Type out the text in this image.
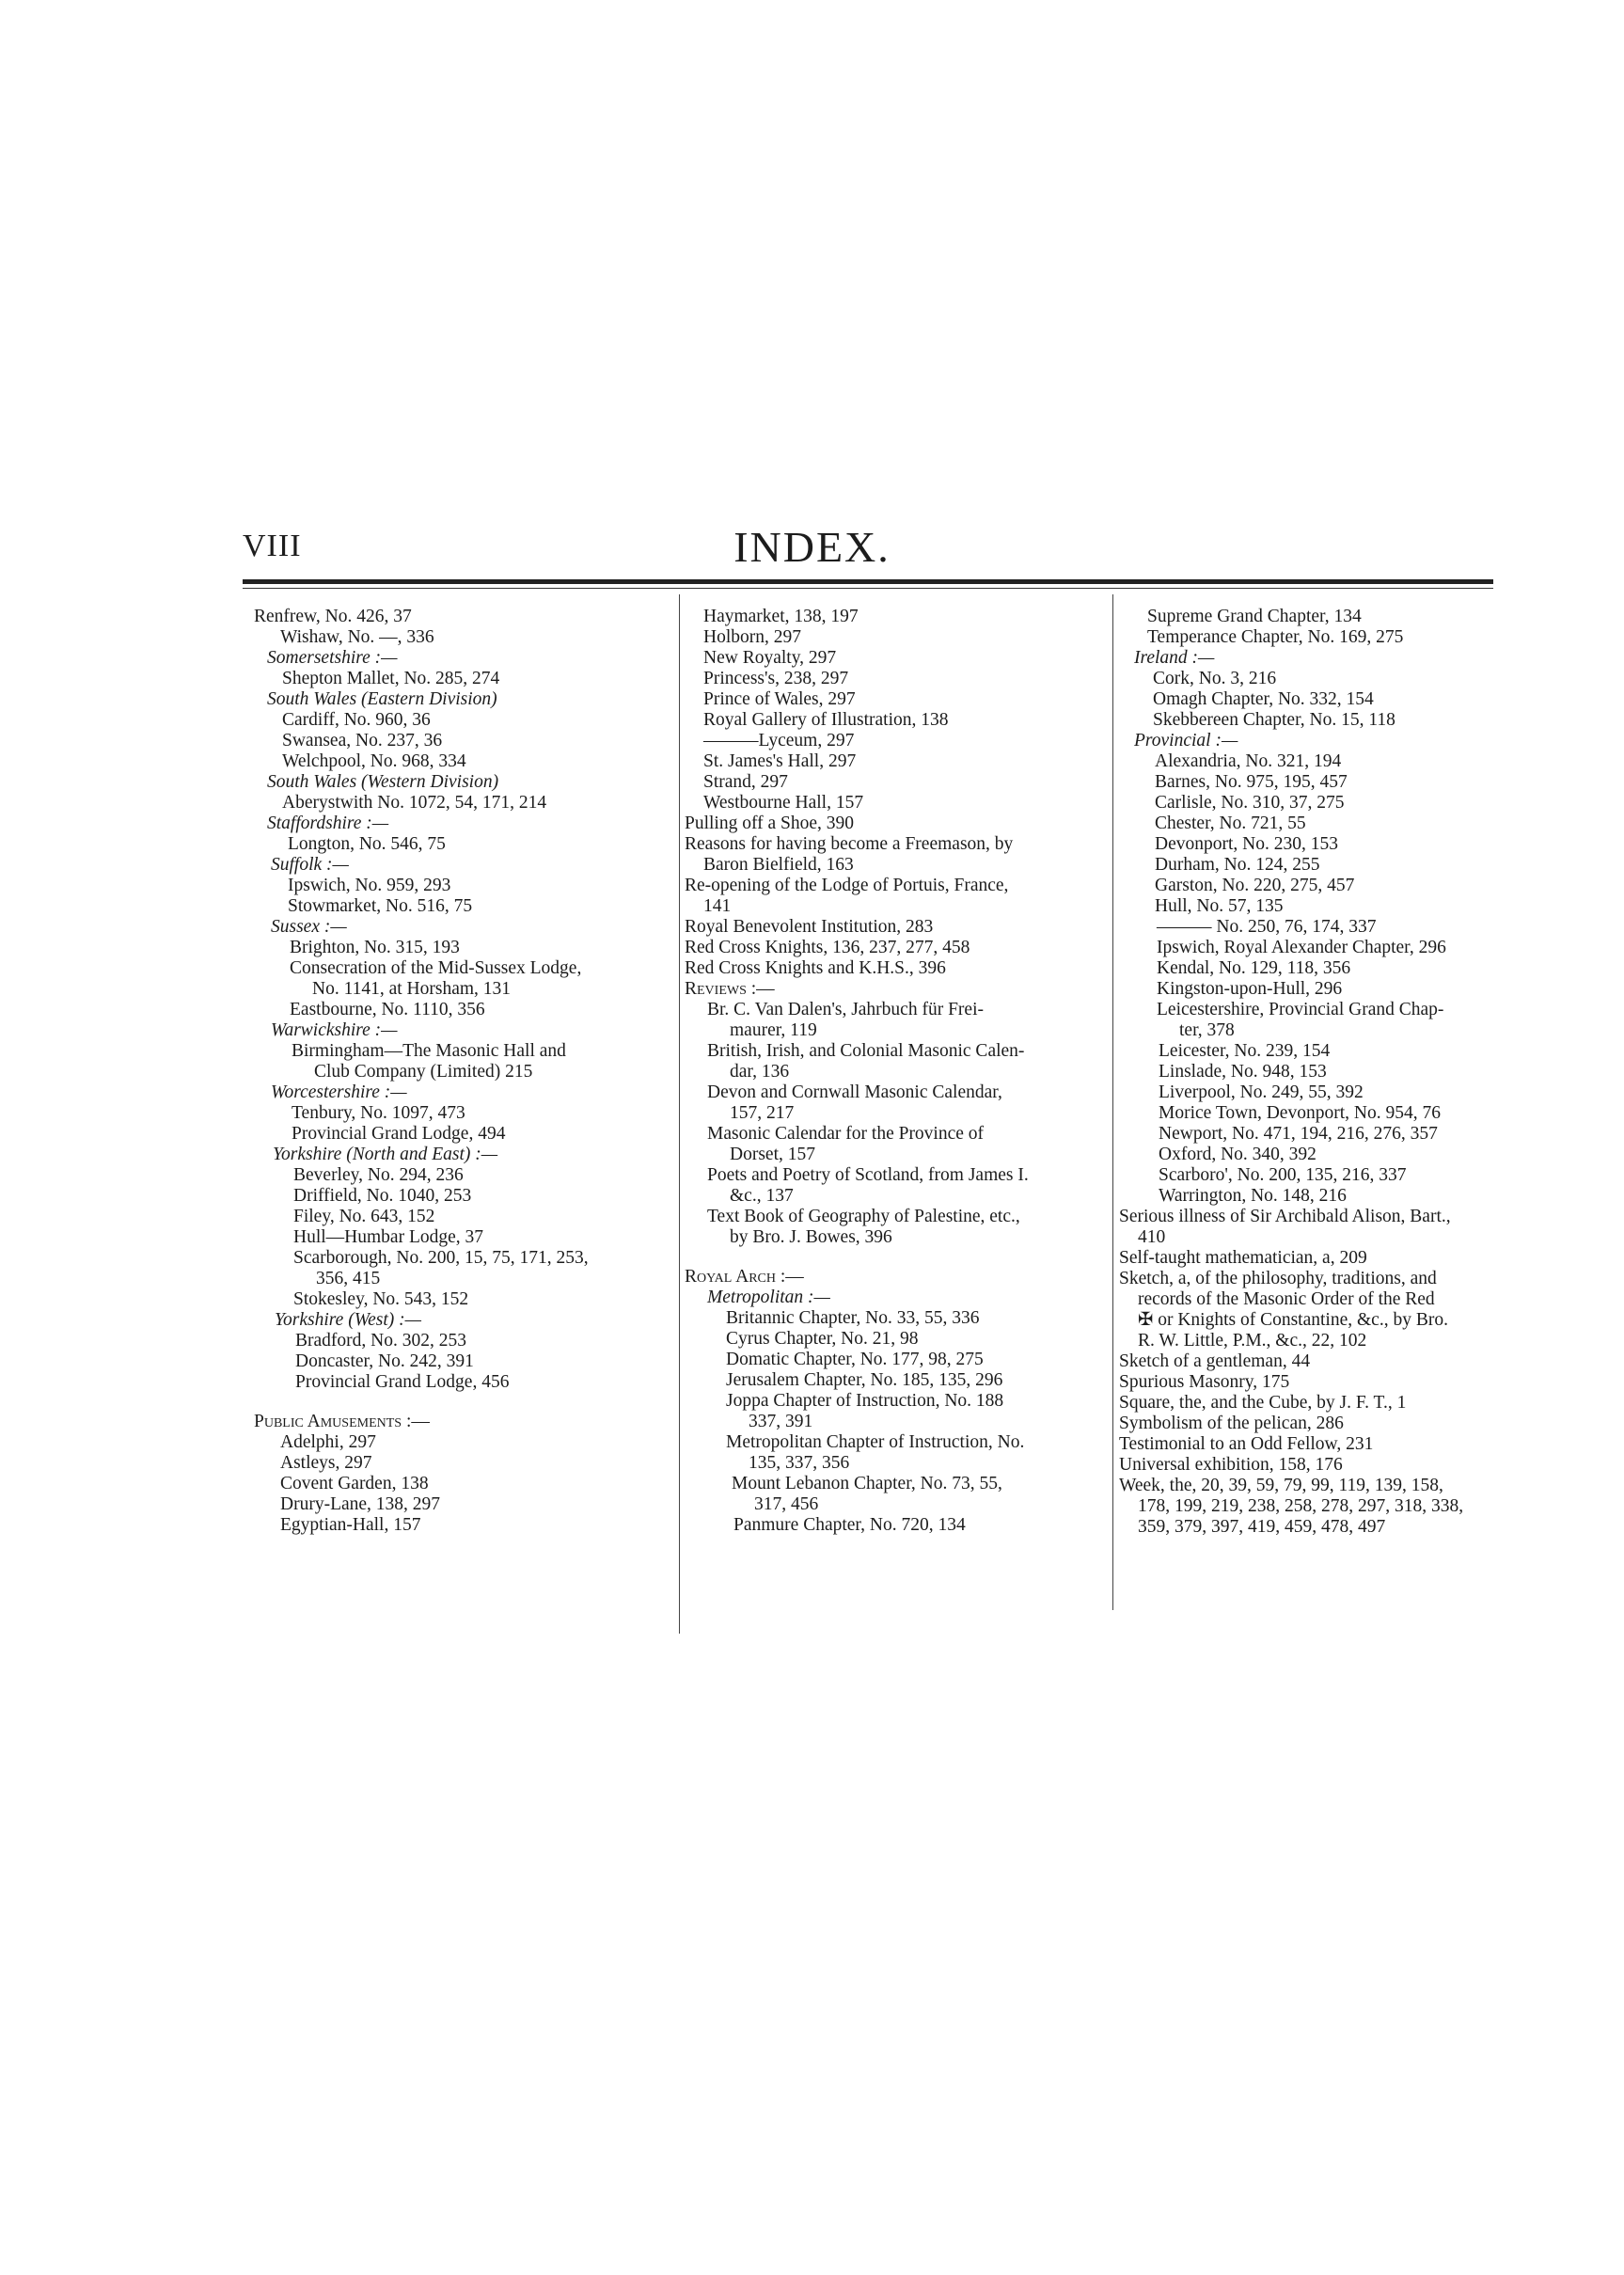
VIII	INDEX.
Renfrew, No. 426, 37
Wishaw, No. —, 336
Somersetshire :—
Shepton Mallet, No. 285, 274
South Wales (Eastern Division)
Cardiff, No. 960, 36
Swansea, No. 237, 36
Welchpool, No. 968, 334
South Wales (Western Division)
Aberystwith No. 1072, 54, 171, 214
Staffordshire :—
Longton, No. 546, 75
Suffolk :—
Ipswich, No. 959, 293
Stowmarket, No. 516, 75
Sussex :—
Brighton, No. 315, 193
Consecration of the Mid-Sussex Lodge,
No. 1141, at Horsham, 131
Eastbourne, No. 1110, 356
Warwickshire :—
Birmingham—The Masonic Hall and
Club Company (Limited) 215
Worcestershire :—
Tenbury, No. 1097, 473
Provincial Grand Lodge, 494
Yorkshire (North and East) :—
Beverley, No. 294, 236
Driffield, No. 1040, 253
Filey, No. 643, 152
Hull—Humbar Lodge, 37
Scarborough, No. 200, 15, 75, 171, 253,
356, 415
Stokesley, No. 543, 152
Yorkshire (West) :—
Bradford, No. 302, 253
Doncaster, No. 242, 391
Provincial Grand Lodge, 456
Public Amusements :—
Adelphi, 297
Astleys, 297
Covent Garden, 138
Drury-Lane, 138, 297
Egyptian-Hall, 157
Haymarket, 138, 197
Holborn, 297
New Royalty, 297
Princess's, 238, 297
Prince of Wales, 297
Royal Gallery of Illustration, 138
———Lyceum, 297
St. James's Hall, 297
Strand, 297
Westbourne Hall, 157
Pulling off a Shoe, 390
Reasons for having become a Freemason, by
Baron Bielfield, 163
Re-opening of the Lodge of Portuis, France,
141
Royal Benevolent Institution, 283
Red Cross Knights, 136, 237, 277, 458
Red Cross Knights and K.H.S., 396
Reviews :—
Br. C. Van Dalen's, Jahrbuch für Frei-
maurer, 119
British, Irish, and Colonial Masonic Calen-
dar, 136
Devon and Cornwall Masonic Calendar,
157, 217
Masonic Calendar for the Province of
Dorset, 157
Poets and Poetry of Scotland, from James I.
&c., 137
Text Book of Geography of Palestine, etc.,
by Bro. J. Bowes, 396
Royal Arch :—
Metropolitan :—
Britannic Chapter, No. 33, 55, 336
Cyrus Chapter, No. 21, 98
Domatic Chapter, No. 177, 98, 275
Jerusalem Chapter, No. 185, 135, 296
Joppa Chapter of Instruction, No. 188
337, 391
Metropolitan Chapter of Instruction, No.
135, 337, 356
Mount Lebanon Chapter, No. 73, 55,
317, 456
Panmure Chapter, No. 720, 134
Supreme Grand Chapter, 134
Temperance Chapter, No. 169, 275
Ireland :—
Cork, No. 3, 216
Omagh Chapter, No. 332, 154
Skebbereen Chapter, No. 15, 118
Provincial :—
Alexandria, No. 321, 194
Barnes, No. 975, 195, 457
Carlisle, No. 310, 37, 275
Chester, No. 721, 55
Devonport, No. 230, 153
Durham, No. 124, 255
Garston, No. 220, 275, 457
Hull, No. 57, 135
——— No. 250, 76, 174, 337
Ipswich, Royal Alexander Chapter, 296
Kendal, No. 129, 118, 356
Kingston-upon-Hull, 296
Leicestershire, Provincial Grand Chap-
ter, 378
Leicester, No. 239, 154
Linslade, No. 948, 153
Liverpool, No. 249, 55, 392
Morice Town, Devonport, No. 954, 76
Newport, No. 471, 194, 216, 276, 357
Oxford, No. 340, 392
Scarboro', No. 200, 135, 216, 337
Warrington, No. 148, 216
Serious illness of Sir Archibald Alison, Bart.,
410
Self-taught mathematician, a, 209
Sketch, a, of the philosophy, traditions, and
records of the Masonic Order of the Red
✠ or Knights of Constantine, &c., by Bro.
R. W. Little, P.M., &c., 22, 102
Sketch of a gentleman, 44
Spurious Masonry, 175
Square, the, and the Cube, by J. F. T., 1
Symbolism of the pelican, 286
Testimonial to an Odd Fellow, 231
Universal exhibition, 158, 176
Week, the, 20, 39, 59, 79, 99, 119, 139, 158,
178, 199, 219, 238, 258, 278, 297, 318, 338,
359, 379, 397, 419, 459, 478, 497
